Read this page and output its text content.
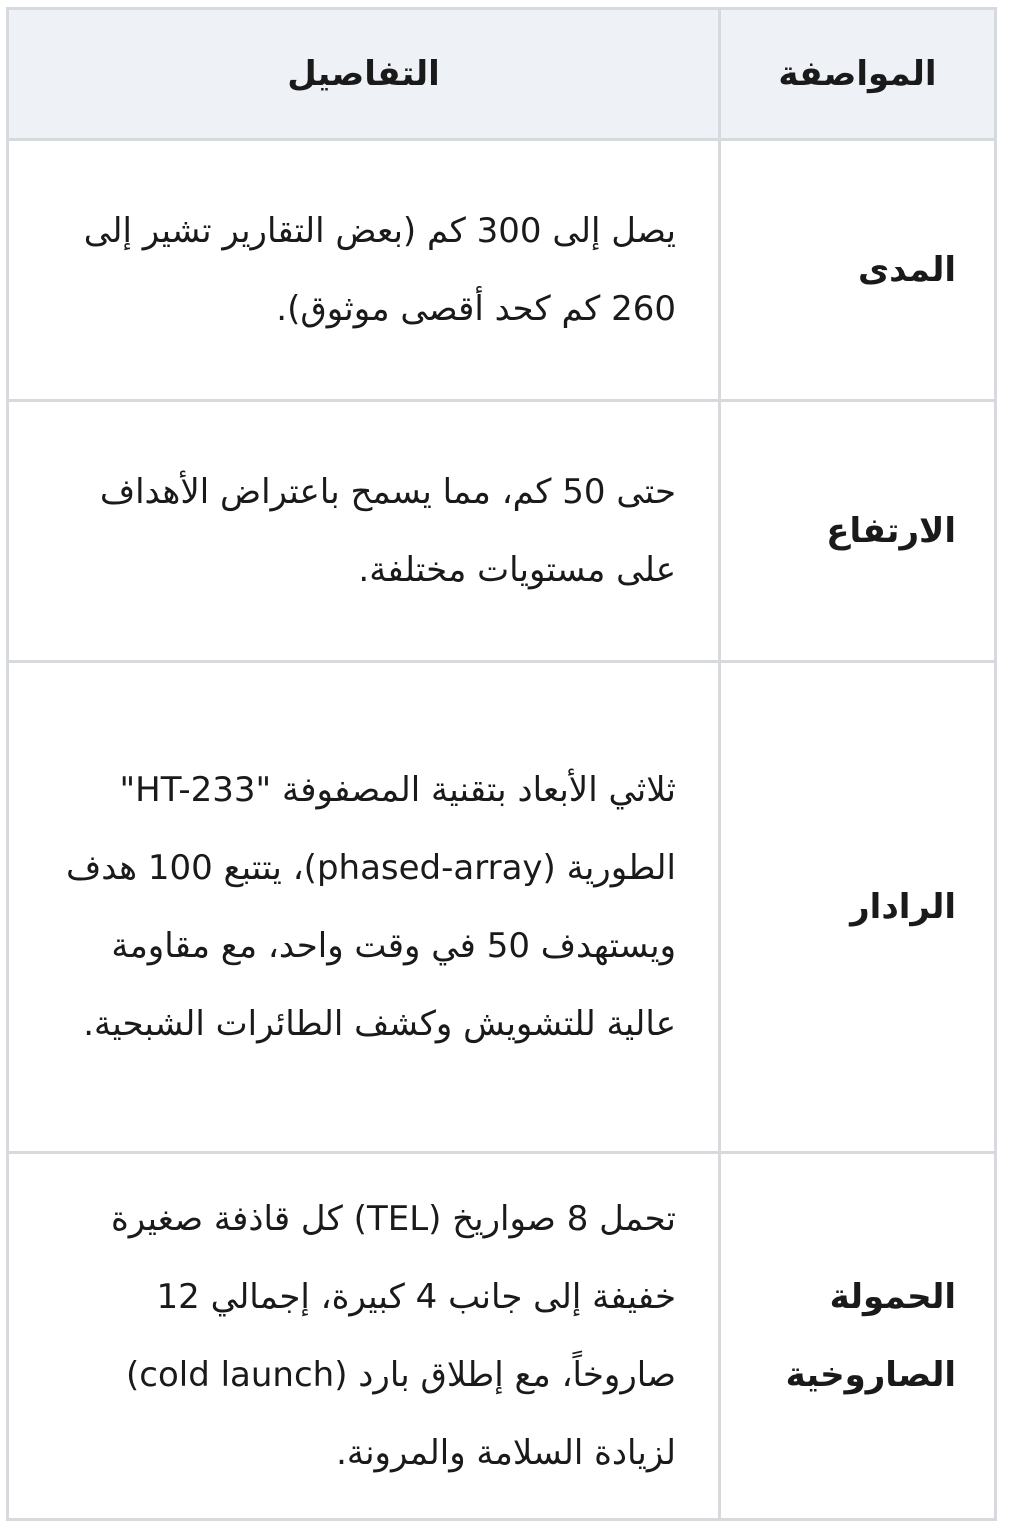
المواصفة	التفاصيل
المدى	يصل إلى 300 كم (بعض التقارير تشير إلى 260 كم كحد أقصى موثوق).
الارتفاع	حتى 50 كم، مما يسمح باعتراض الأهداف على مستويات مختلفة.
الرادار	ثلاثي الأبعاد بتقنية المصفوفة "HT-233" الطورية (phased-array)، يتتبع 100 هدف ويستهدف 50 في وقت واحد، مع مقاومة عالية للتشويش وكشف الطائرات الشبحية.
الحمولة الصاروخية	تحمل 8 صواريخ (TEL) كل قاذفة صغيرة خفيفة إلى جانب 4 كبيرة، إجمالي 12 صاروخاً، مع إطلاق بارد (cold launch) لزيادة السلامة والمرونة.
